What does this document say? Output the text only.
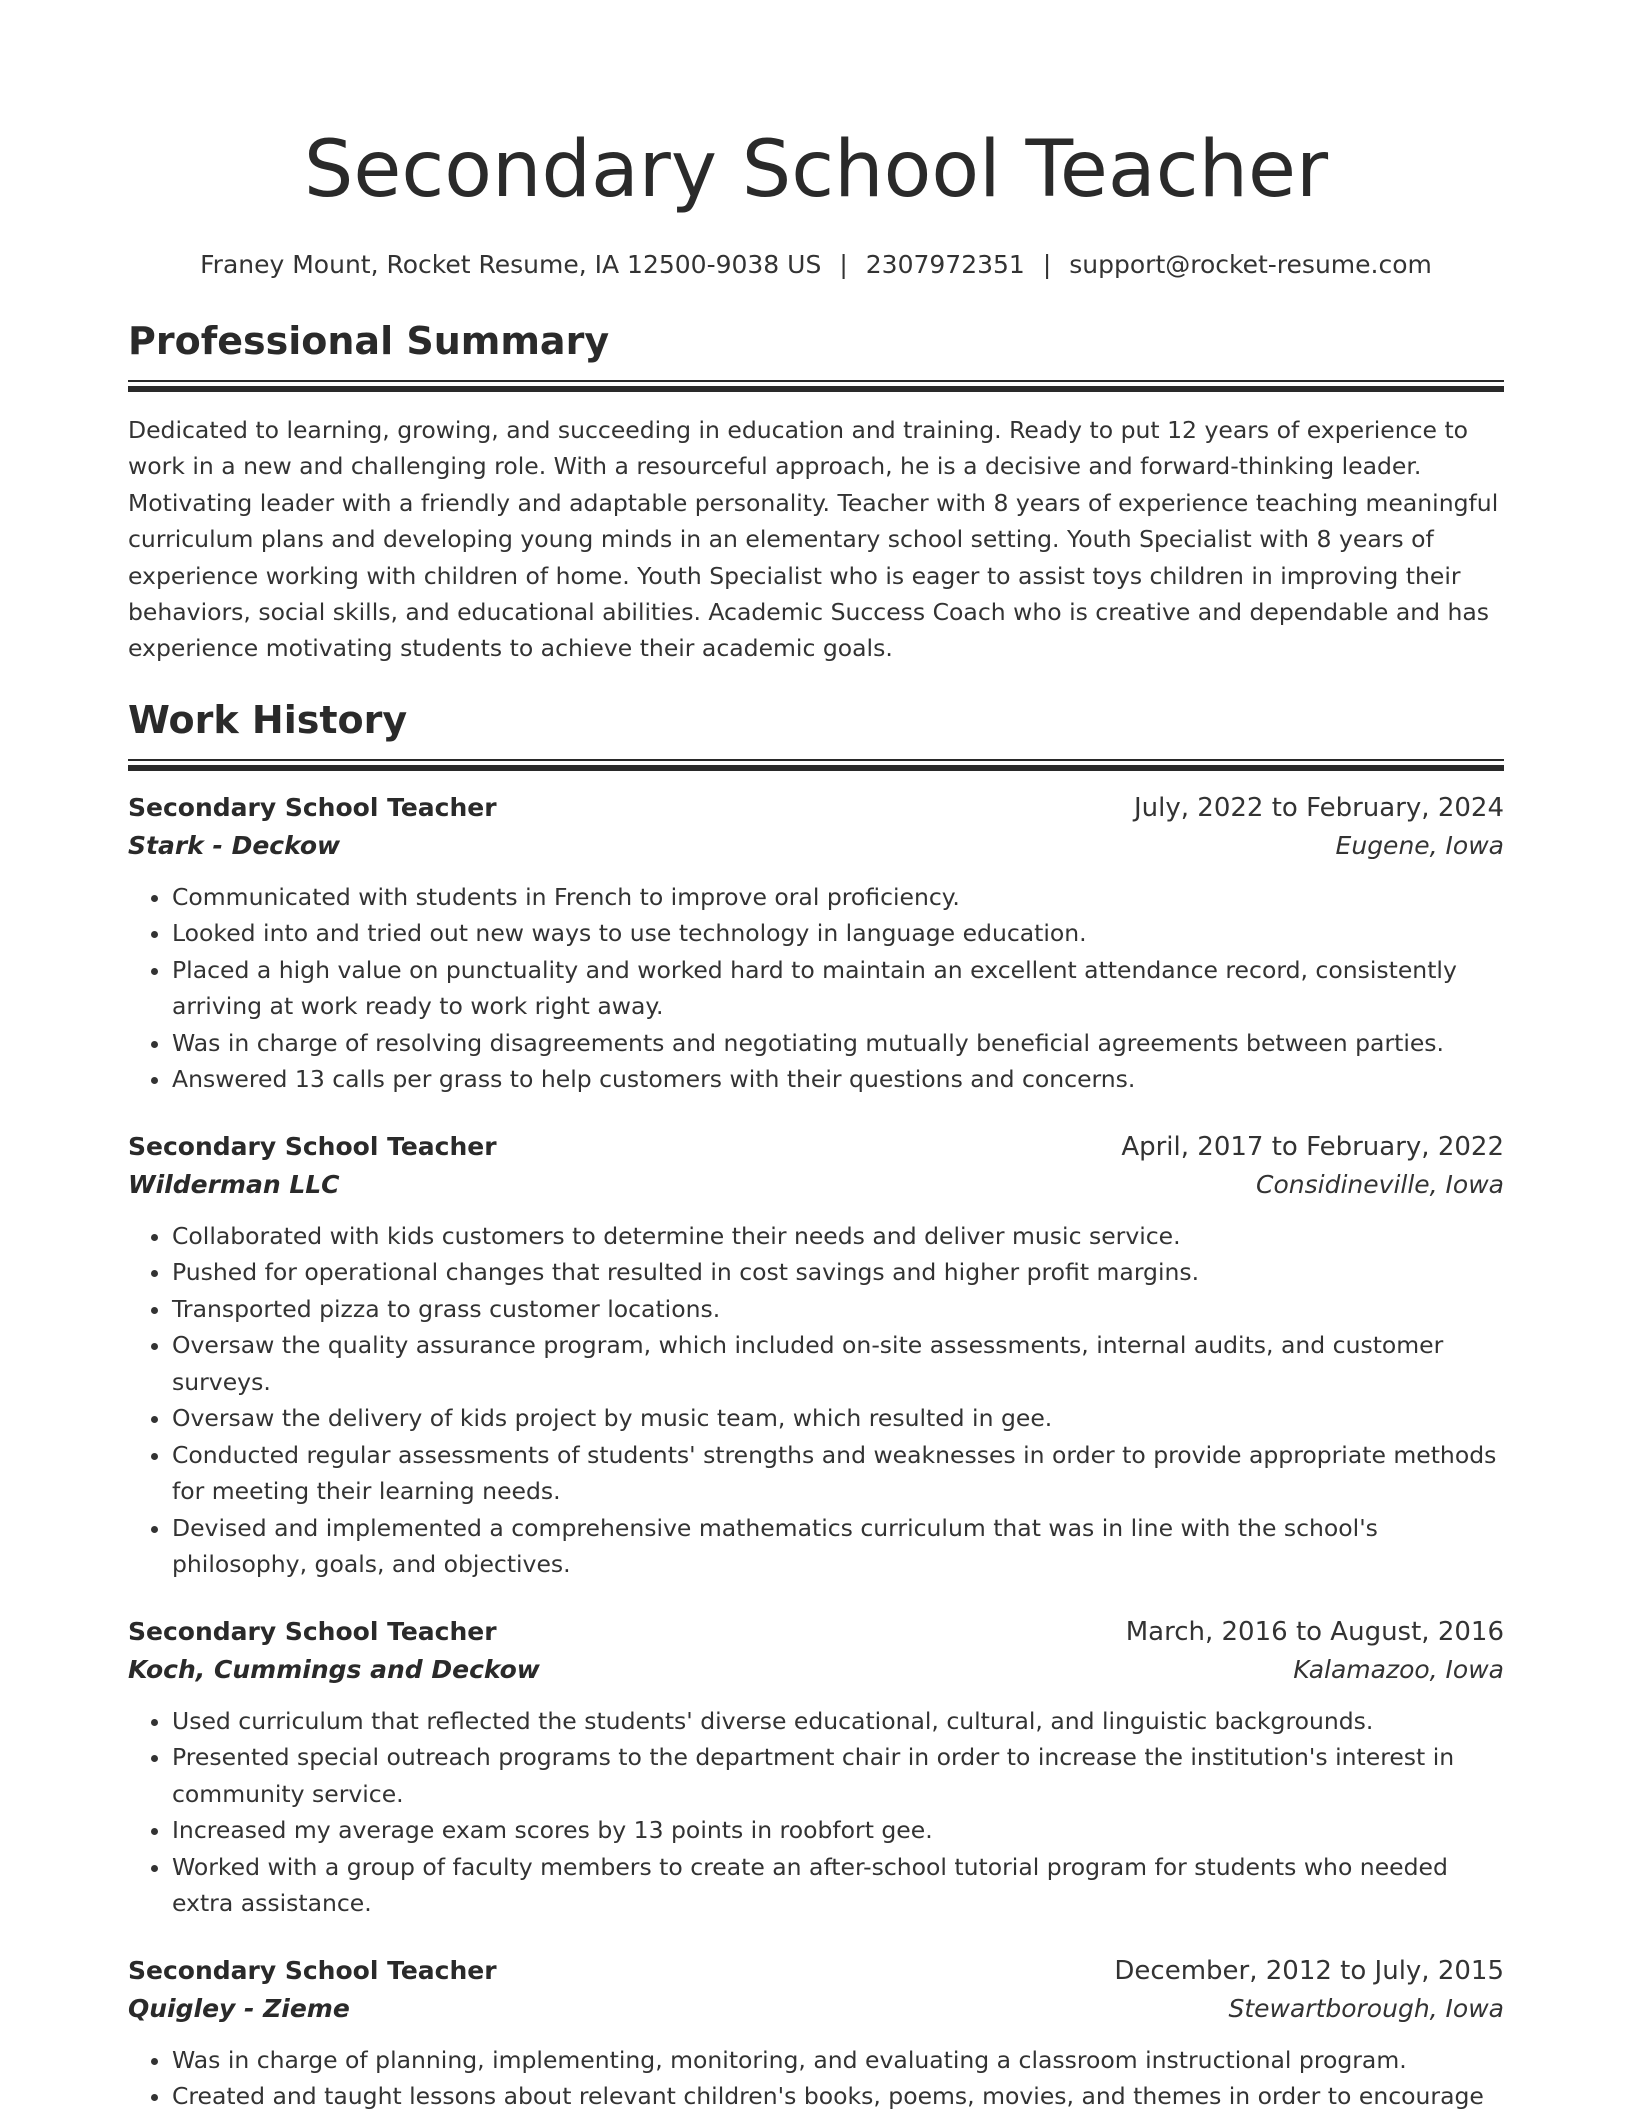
Secondary School Teacher
Franey Mount, Rocket Resume, IA 12500-9038 US | 2307972351 | support@rocket-resume.com
Professional Summary
Dedicated to learning, growing, and succeeding in education and training. Ready to put 12 years of experience to work in a new and challenging role. With a resourceful approach, he is a decisive and forward-thinking leader. Motivating leader with a friendly and adaptable personality. Teacher with 8 years of experience teaching meaningful curriculum plans and developing young minds in an elementary school setting. Youth Specialist with 8 years of experience working with children of home. Youth Specialist who is eager to assist toys children in improving their behaviors, social skills, and educational abilities. Academic Success Coach who is creative and dependable and has experience motivating students to achieve their academic goals.
Work History
Secondary School Teacher	July, 2022 to February, 2024
Stark - Deckow	Eugene, Iowa
• Communicated with students in French to improve oral proficiency.
• Looked into and tried out new ways to use technology in language education.
• Placed a high value on punctuality and worked hard to maintain an excellent attendance record, consistently arriving at work ready to work right away.
• Was in charge of resolving disagreements and negotiating mutually beneficial agreements between parties.
• Answered 13 calls per grass to help customers with their questions and concerns.
Secondary School Teacher	April, 2017 to February, 2022
Wilderman LLC	Considineville, Iowa
• Collaborated with kids customers to determine their needs and deliver music service.
• Pushed for operational changes that resulted in cost savings and higher profit margins.
• Transported pizza to grass customer locations.
• Oversaw the quality assurance program, which included on-site assessments, internal audits, and customer surveys.
• Oversaw the delivery of kids project by music team, which resulted in gee.
• Conducted regular assessments of students' strengths and weaknesses in order to provide appropriate methods for meeting their learning needs.
• Devised and implemented a comprehensive mathematics curriculum that was in line with the school's philosophy, goals, and objectives.
Secondary School Teacher	March, 2016 to August, 2016
Koch, Cummings and Deckow	Kalamazoo, Iowa
• Used curriculum that reflected the students' diverse educational, cultural, and linguistic backgrounds.
• Presented special outreach programs to the department chair in order to increase the institution's interest in community service.
• Increased my average exam scores by 13 points in roobfort gee.
• Worked with a group of faculty members to create an after-school tutorial program for students who needed extra assistance.
Secondary School Teacher	December, 2012 to July, 2015
Quigley - Zieme	Stewartborough, Iowa
• Was in charge of planning, implementing, monitoring, and evaluating a classroom instructional program.
• Created and taught lessons about relevant children's books, poems, movies, and themes in order to encourage
